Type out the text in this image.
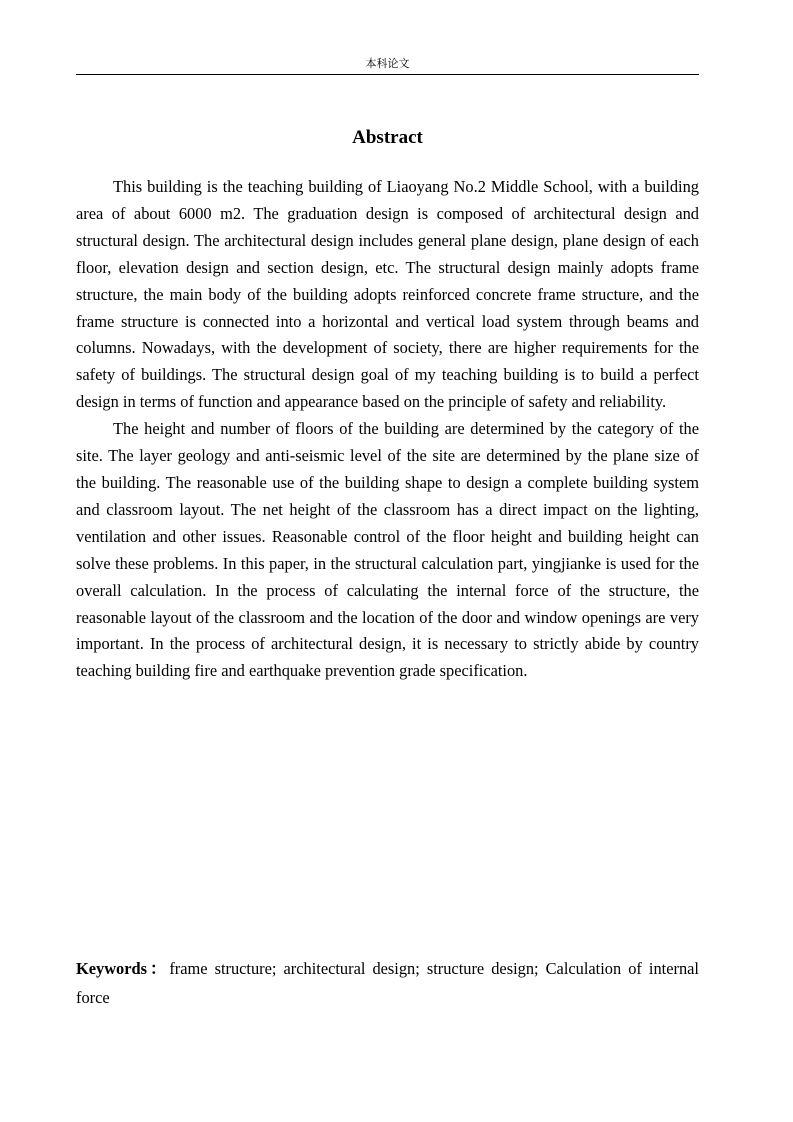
本科论文
Abstract

This building is the teaching building of Liaoyang No.2 Middle School, with a building area of about 6000 m2. The graduation design is composed of architectural design and structural design. The architectural design includes general plane design, plane design of each floor, elevation design and section design, etc. The structural design mainly adopts frame structure, the main body of the building adopts reinforced concrete frame structure, and the frame structure is connected into a horizontal and vertical load system through beams and columns. Nowadays, with the development of society, there are higher requirements for the safety of buildings. The structural design goal of my teaching building is to build a perfect design in terms of function and appearance based on the principle of safety and reliability.

The height and number of floors of the building are determined by the category of the site. The layer geology and anti-seismic level of the site are determined by the plane size of the building. The reasonable use of the building shape to design a complete building system and classroom layout. The net height of the classroom has a direct impact on the lighting, ventilation and other issues. Reasonable control of the floor height and building height can solve these problems. In this paper, in the structural calculation part, yingjianke is used for the overall calculation. In the process of calculating the internal force of the structure, the reasonable layout of the classroom and the location of the door and window openings are very important. In the process of architectural design, it is necessary to strictly abide by country teaching building fire and earthquake prevention grade specification.

Keywords：frame structure; architectural design; structure design; Calculation of internal force
